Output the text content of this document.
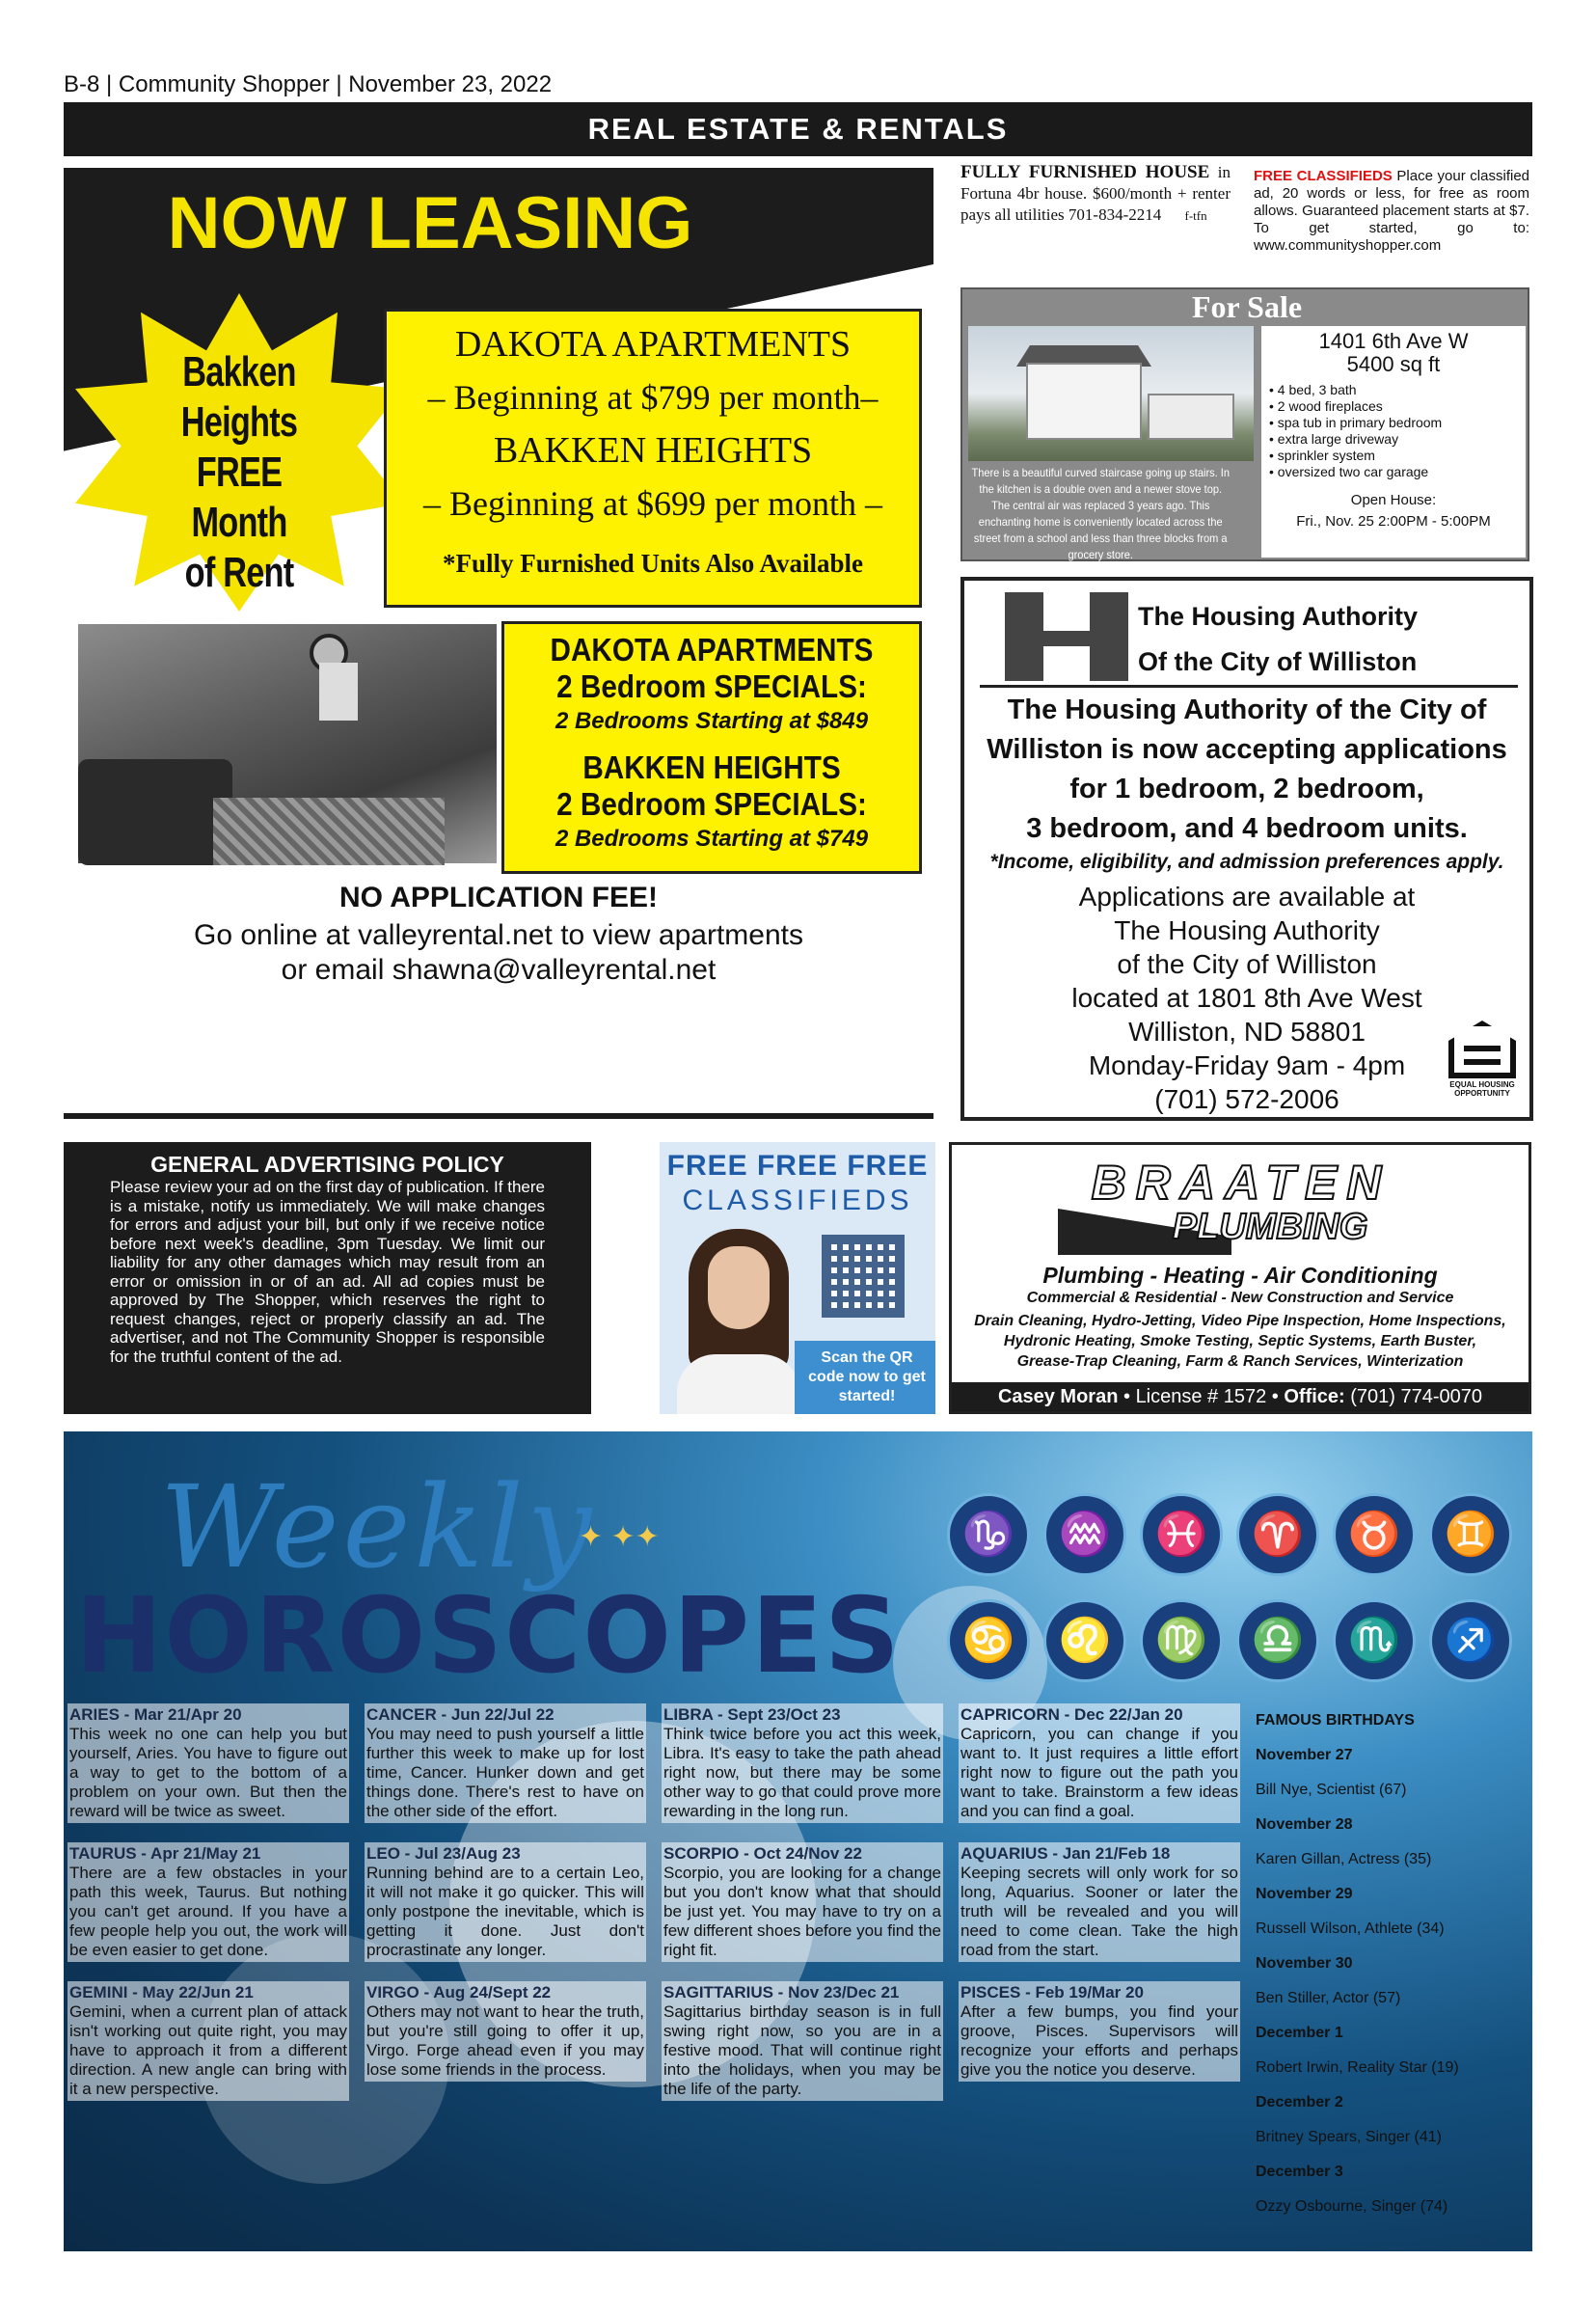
B-8 | Community Shopper | November 23, 2022
REAL ESTATE & RENTALS
NOW LEASING
Bakken
Heights
FREE Month
of Rent
DAKOTA APARTMENTS
– Beginning at $799 per month–
BAKKEN HEIGHTS
– Beginning at $699 per month –
*Fully Furnished Units Also Available
DAKOTA APARTMENTS
2 Bedroom SPECIALS:
2 Bedrooms Starting at $849
BAKKEN HEIGHTS
2 Bedroom SPECIALS:
2 Bedrooms Starting at $749
NO APPLICATION FEE!
Go online at valleyrental.net to view apartments
or email shawna@valleyrental.net
Office Located at 1418 42nd Street West
Dakota Apartment Complex
701-572-7612
FULLY FURNISHED HOUSE in Fortuna 4br house. $600/month + renter pays all utilities 701-834-2214 f-tfn
FREE CLASSIFIEDS Place your classified ad, 20 words or less, for free as room allows. Guaranteed placement starts at $7. To get started, go to: www.communityshopper.com
For Sale
There is a beautiful curved staircase going up stairs. In the kitchen is a double oven and a newer stove top. The central air was replaced 3 years ago. This enchanting home is conveniently located across the street from a school and less than three blocks from a grocery store.
1401 6th Ave W
5400 sq ft
• 4 bed, 3 bath
• 2 wood fireplaces
• spa tub in primary bedroom
• extra large driveway
• sprinkler system
• oversized two car garage
Open House:
Fri., Nov. 25 2:00PM - 5:00PM
The Housing Authority
Of the City of Williston
The Housing Authority of the City of
Williston is now accepting applications
for 1 bedroom, 2 bedroom,
3 bedroom, and 4 bedroom units.
*Income, eligibility, and admission preferences apply.
Applications are available at
The Housing Authority
of the City of Williston
located at 1801 8th Ave West
Williston, ND 58801
Monday-Friday 9am - 4pm
(701) 572-2006	EQUAL HOUSING OPPORTUNITY
GENERAL ADVERTISING POLICY
Please review your ad on the first day of publication. If there is a mistake, notify us immediately. We will make changes for errors and adjust your bill, but only if we receive notice before next week's deadline, 3pm Tuesday. We limit our liability for any other damages which may result from an error or omission in or of an ad. All ad copies must be approved by The Shopper, which reserves the right to request changes, reject or properly classify an ad. The advertiser, and not The Community Shopper is responsible for the truthful content of the ad.
FREE FREE FREE
CLASSIFIEDS
Scan the QR code now to get started!
BRAATEN
PLUMBING
Plumbing - Heating - Air Conditioning
Commercial & Residential - New Construction and Service
Drain Cleaning, Hydro-Jetting, Video Pipe Inspection, Home Inspections,
Hydronic Heating, Smoke Testing, Septic Systems, Earth Buster,
Grease-Trap Cleaning, Farm & Ranch Services, Winterization
Casey Moran • License # 1572 • Office: (701) 774-0070
Weekly
✦ ✦✦
HOROSCOPES
♑	♒	♓	♈	♉	♊
♋	♌	♍	♎	♏	♐

ARIES - Mar 21/Apr 20
This week no one can help you but yourself, Aries. You have to figure out a way to get to the bottom of a problem on your own. But then the reward will be twice as sweet.

TAURUS - Apr 21/May 21
There are a few obstacles in your path this week, Taurus. But nothing you can't get around. If you have a few people help you out, the work will be even easier to get done.

GEMINI - May 22/Jun 21
Gemini, when a current plan of attack isn't working out quite right, you may have to approach it from a different direction. A new angle can bring with it a new perspective.

CANCER - Jun 22/Jul 22
You may need to push yourself a little further this week to make up for lost time, Cancer. Hunker down and get things done. There's rest to have on the other side of the effort.

LEO - Jul 23/Aug 23
Running behind are to a certain Leo, it will not make it go quicker. This will only postpone the inevitable, which is getting it done. Just don't procrastinate any longer.

VIRGO - Aug 24/Sept 22
Others may not want to hear the truth, but you're still going to offer it up, Virgo. Forge ahead even if you may lose some friends in the process.

LIBRA - Sept 23/Oct 23
Think twice before you act this week, Libra. It's easy to take the path ahead right now, but there may be some other way to go that could prove more rewarding in the long run.

SCORPIO - Oct 24/Nov 22
Scorpio, you are looking for a change but you don't know what that should be just yet. You may have to try on a few different shoes before you find the right fit.

SAGITTARIUS - Nov 23/Dec 21
Sagittarius birthday season is in full swing right now, so you are in a festive mood. That will continue right into the holidays, when you may be the life of the party.

CAPRICORN - Dec 22/Jan 20
Capricorn, you can change if you want to. It just requires a little effort right now to figure out the path you want to take. Brainstorm a few ideas and you can find a goal.

AQUARIUS - Jan 21/Feb 18
Keeping secrets will only work for so long, Aquarius. Sooner or later the truth will be revealed and you will need to come clean. Take the high road from the start.

PISCES - Feb 19/Mar 20
After a few bumps, you find your groove, Pisces. Supervisors will recognize your efforts and perhaps give you the notice you deserve.

FAMOUS BIRTHDAYS
November 27
Bill Nye, Scientist (67)
November 28
Karen Gillan, Actress (35)
November 29
Russell Wilson, Athlete (34)
November 30
Ben Stiller, Actor (57)
December 1
Robert Irwin, Reality Star (19)
December 2
Britney Spears, Singer (41)
December 3
Ozzy Osbourne, Singer (74)
